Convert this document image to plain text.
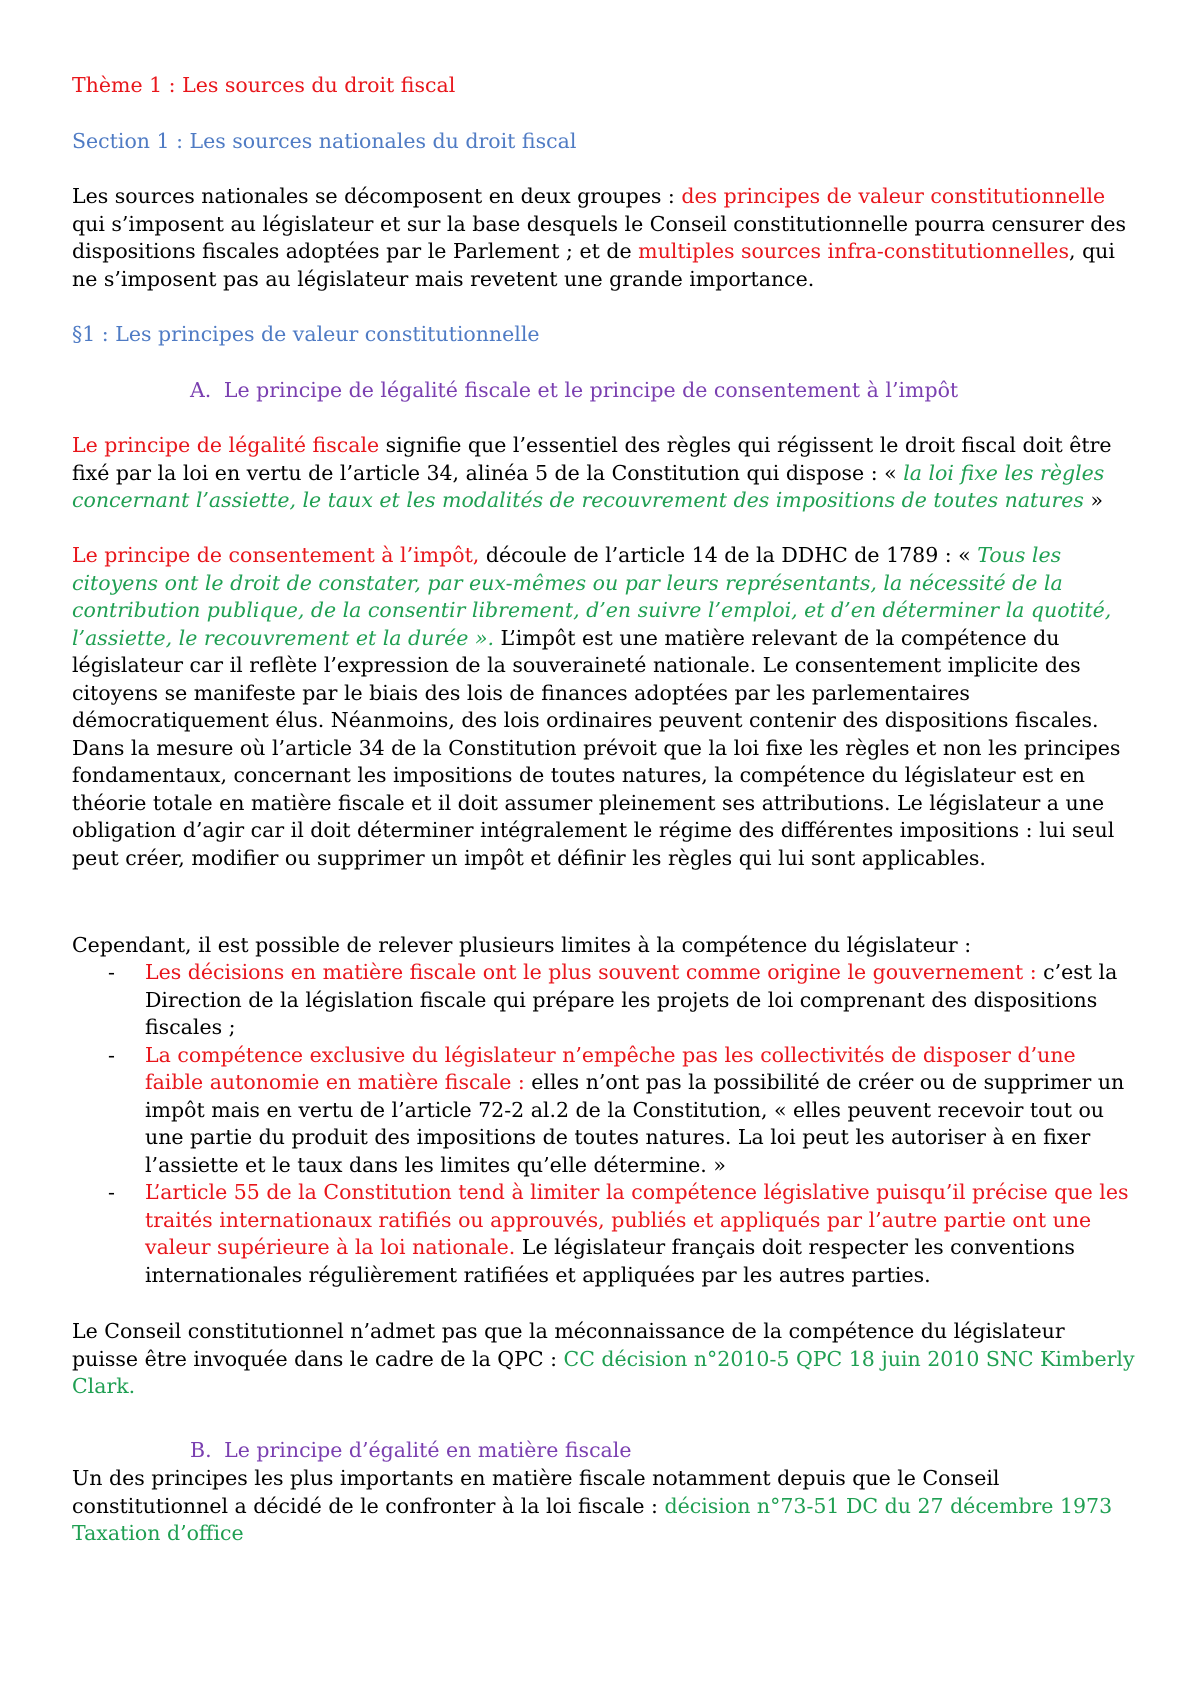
Thème 1 : Les sources du droit fiscal

Section 1 : Les sources nationales du droit fiscal

Les sources nationales se décomposent en deux groupes : des principes de valeur constitutionnelle qui s’imposent au législateur et sur la base desquels le Conseil constitutionnelle pourra censurer des dispositions fiscales adoptées par le Parlement ; et de multiples sources infra-constitutionnelles, qui ne s’imposent pas au législateur mais revetent une grande importance.

§1 : Les principes de valeur constitutionnelle

A. Le principe de légalité fiscale et le principe de consentement à l’impôt

Le principe de légalité fiscale signifie que l’essentiel des règles qui régissent le droit fiscal doit être fixé par la loi en vertu de l’article 34, alinéa 5 de la Constitution qui dispose : « la loi fixe les règles concernant l’assiette, le taux et les modalités de recouvrement des impositions de toutes natures »

Le principe de consentement à l’impôt, découle de l’article 14 de la DDHC de 1789 : « Tous les citoyens ont le droit de constater, par eux-mêmes ou par leurs représentants, la nécessité de la contribution publique, de la consentir librement, d’en suivre l’emploi, et d’en déterminer la quotité, l’assiette, le recouvrement et la durée ». L’impôt est une matière relevant de la compétence du législateur car il reflète l’expression de la souveraineté nationale. Le consentement implicite des citoyens se manifeste par le biais des lois de finances adoptées par les parlementaires démocratiquement élus. Néanmoins, des lois ordinaires peuvent contenir des dispositions fiscales. Dans la mesure où l’article 34 de la Constitution prévoit que la loi fixe les règles et non les principes fondamentaux, concernant les impositions de toutes natures, la compétence du législateur est en théorie totale en matière fiscale et il doit assumer pleinement ses attributions. Le législateur a une obligation d’agir car il doit déterminer intégralement le régime des différentes impositions : lui seul peut créer, modifier ou supprimer un impôt et définir les règles qui lui sont applicables.

Cependant, il est possible de relever plusieurs limites à la compétence du législateur :

- Les décisions en matière fiscale ont le plus souvent comme origine le gouvernement : c’est la Direction de la législation fiscale qui prépare les projets de loi comprenant des dispositions fiscales ;
- La compétence exclusive du législateur n’empêche pas les collectivités de disposer d’une faible autonomie en matière fiscale : elles n’ont pas la possibilité de créer ou de supprimer un impôt mais en vertu de l’article 72-2 al.2 de la Constitution, « elles peuvent recevoir tout ou une partie du produit des impositions de toutes natures. La loi peut les autoriser à en fixer l’assiette et le taux dans les limites qu’elle détermine. »
- L’article 55 de la Constitution tend à limiter la compétence législative puisqu’il précise que les traités internationaux ratifiés ou approuvés, publiés et appliqués par l’autre partie ont une valeur supérieure à la loi nationale. Le législateur français doit respecter les conventions internationales régulièrement ratifiées et appliquées par les autres parties.

Le Conseil constitutionnel n’admet pas que la méconnaissance de la compétence du législateur puisse être invoquée dans le cadre de la QPC : CC décision n°2010-5 QPC 18 juin 2010 SNC Kimberly Clark.

B. Le principe d’égalité en matière fiscale

Un des principes les plus importants en matière fiscale notamment depuis que le Conseil constitutionnel a décidé de le confronter à la loi fiscale : décision n°73-51 DC du 27 décembre 1973 Taxation d’office
